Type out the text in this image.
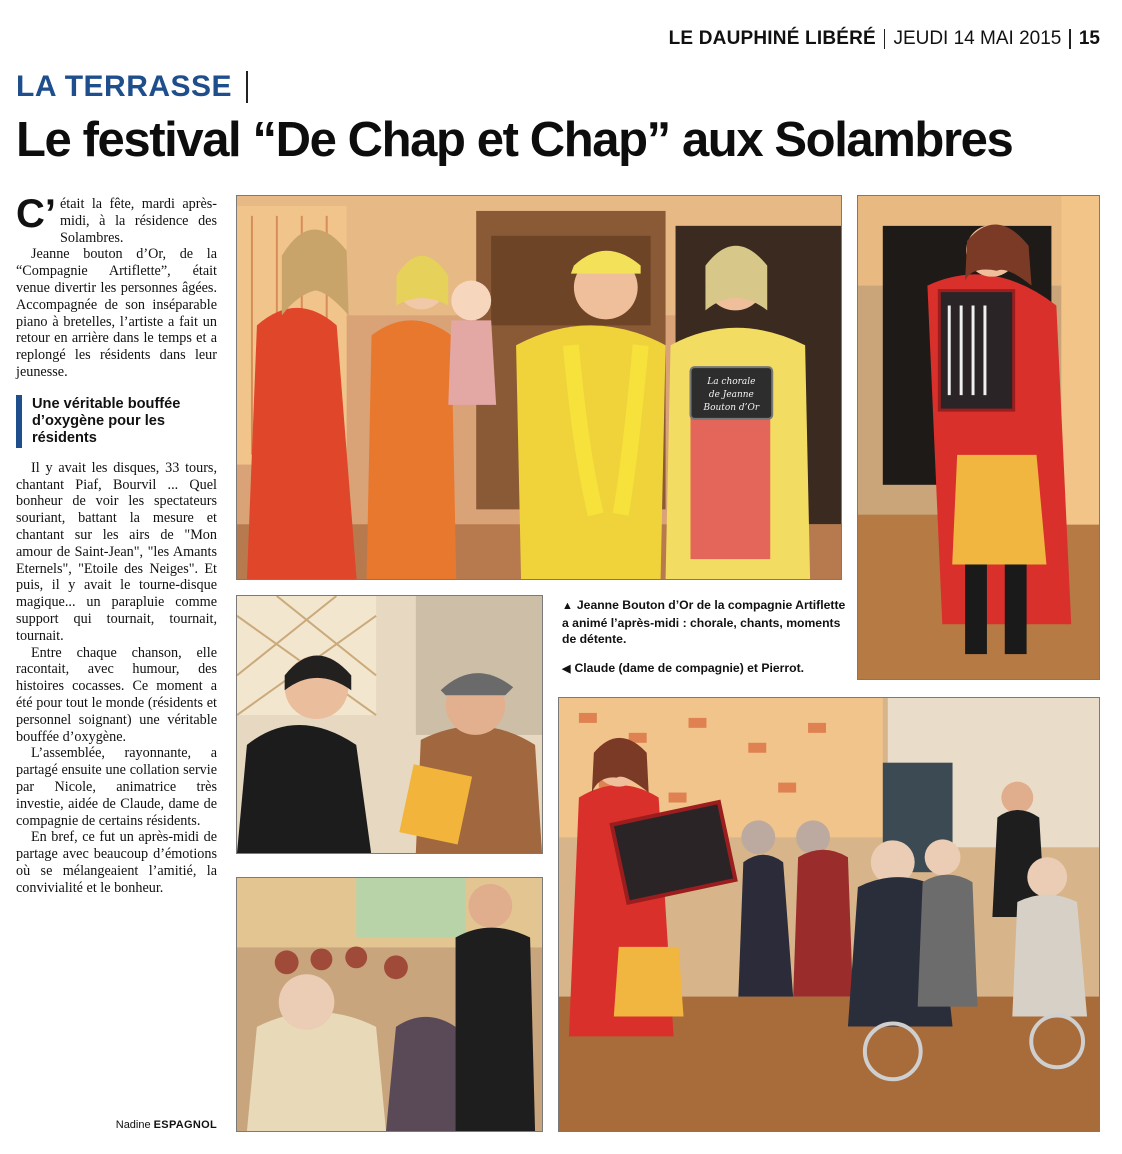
LE DAUPHINÉ LIBÉRÉ JEUDI 14 MAI 2015 15
LA TERRASSE
Le festival “De Chap et Chap” aux Solambres

C’ était la fête, mardi après-midi, à la résidence des Solambres.

Jeanne bouton d’Or, de la “Compagnie Artiflette”, était venue divertir les personnes âgées. Accompagnée de son inséparable piano à bretelles, l’artiste a fait un retour en arrière dans le temps et a replongé les résidents dans leur jeunesse.

Une véritable bouffée d’oxygène pour les résidents

Il y avait les disques, 33 tours, chantant Piaf, Bourvil ... Quel bonheur de voir les spectateurs souriant, battant la mesure et chantant sur les airs de "Mon amour de Saint-Jean", "les Amants Eternels", "Etoile des Neiges". Et puis, il y avait le tourne-disque magique... un parapluie comme support qui tournait, tournait, tournait.

Entre chaque chanson, elle racontait, avec humour, des histoires cocasses. Ce moment a été pour tout le monde (résidents et personnel soignant) une véritable bouffée d’oxygène.

L’assemblée, rayonnante, a partagé ensuite une collation servie par Nicole, animatrice très investie, aidée de Claude, dame de compagnie de certains résidents.

En bref, ce fut un après-midi de partage avec beaucoup d’émotions où se mélangeaient l’amitié, la convivialité et le bonheur.

Nadine ESPAGNOL
La chorale
de Jeanne
Bouton d’Or

▲ Jeanne Bouton d’Or de la compagnie Artiflette a animé l’après-midi : chorale, chants, moments de détente.

◀ Claude (dame de compagnie) et Pierrot.
